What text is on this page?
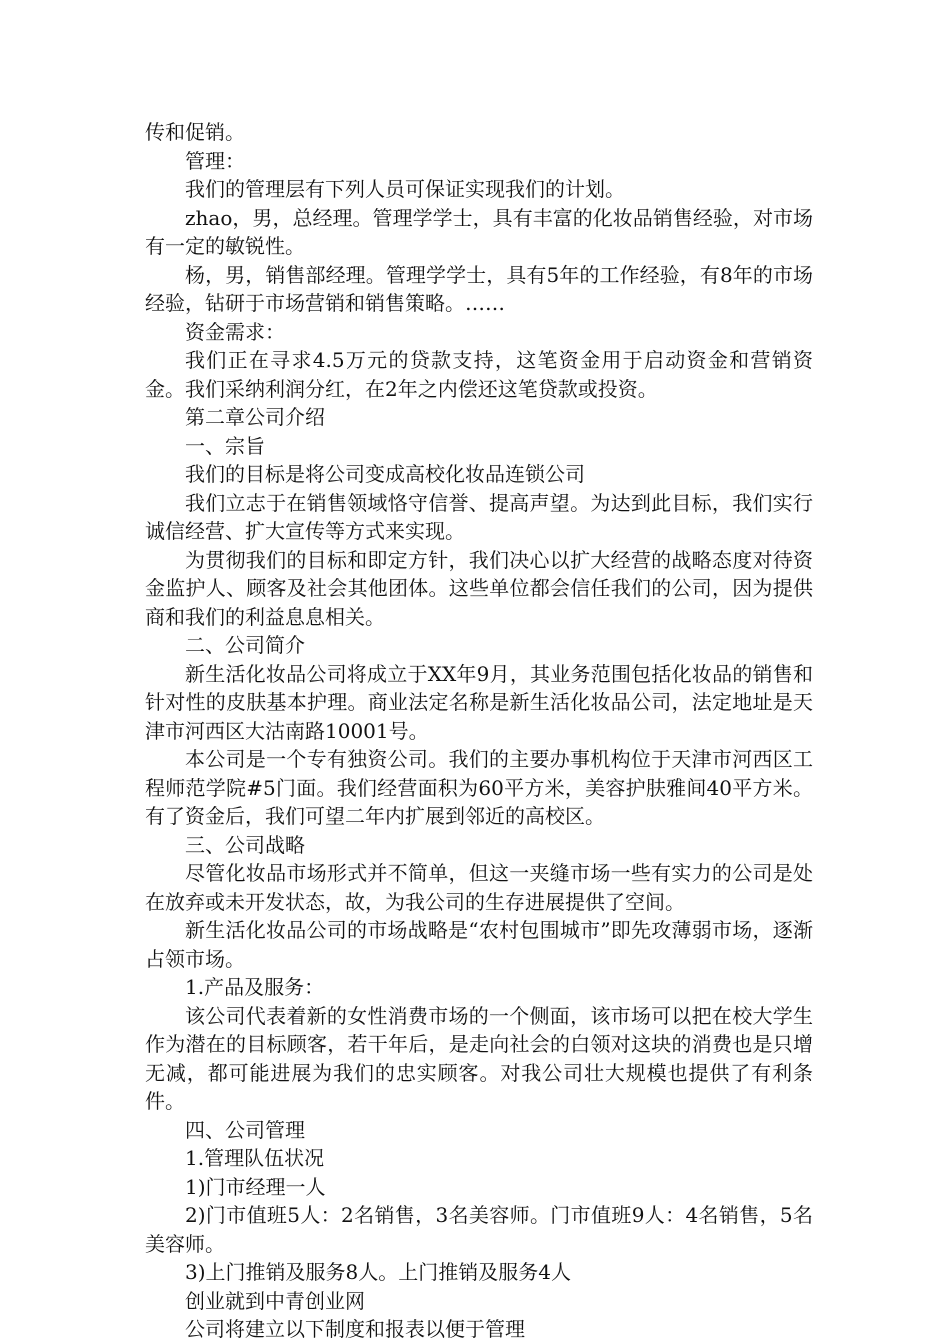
传和促销。

管理：

我们的管理层有下列人员可保证实现我们的计划。

zhao，男，总经理。管理学学士，具有丰富的化妆品销售经验，对市场有一定的敏锐性。

杨，男，销售部经理。管理学学士，具有5年的工作经验，有8年的市场经验，钻研于市场营销和销售策略。……

资金需求：

我们正在寻求4.5万元的贷款支持，这笔资金用于启动资金和营销资金。我们采纳利润分红，在2年之内偿还这笔贷款或投资。

第二章公司介绍

一、宗旨

我们的目标是将公司变成高校化妆品连锁公司

我们立志于在销售领域恪守信誉、提高声望。为达到此目标，我们实行诚信经营、扩大宣传等方式来实现。

为贯彻我们的目标和即定方针，我们决心以扩大经营的战略态度对待资金监护人、顾客及社会其他团体。这些单位都会信任我们的公司，因为提供商和我们的利益息息相关。

二、公司简介

新生活化妆品公司将成立于XX年9月，其业务范围包括化妆品的销售和针对性的皮肤基本护理。商业法定名称是新生活化妆品公司，法定地址是天津市河西区大沽南路10001号。

本公司是一个专有独资公司。我们的主要办事机构位于天津市河西区工程师范学院#5门面。我们经营面积为60平方米，美容护肤雅间40平方米。有了资金后，我们可望二年内扩展到邻近的高校区。

三、公司战略

尽管化妆品市场形式并不简单，但这一夹缝市场一些有实力的公司是处在放弃或未开发状态，故，为我公司的生存进展提供了空间。

新生活化妆品公司的市场战略是“农村包围城市”即先攻薄弱市场，逐渐占领市场。

1.产品及服务：

该公司代表着新的女性消费市场的一个侧面，该市场可以把在校大学生作为潜在的目标顾客，若干年后，是走向社会的白领对这块的消费也是只增无减，都可能进展为我们的忠实顾客。对我公司壮大规模也提供了有利条件。

四、公司管理

1.管理队伍状况

1)门市经理一人

2)门市值班5人：2名销售，3名美容师。门市值班9人：4名销售，5名美容师。

3)上门推销及服务8人。上门推销及服务4人

创业就到中青创业网

公司将建立以下制度和报表以便于管理
